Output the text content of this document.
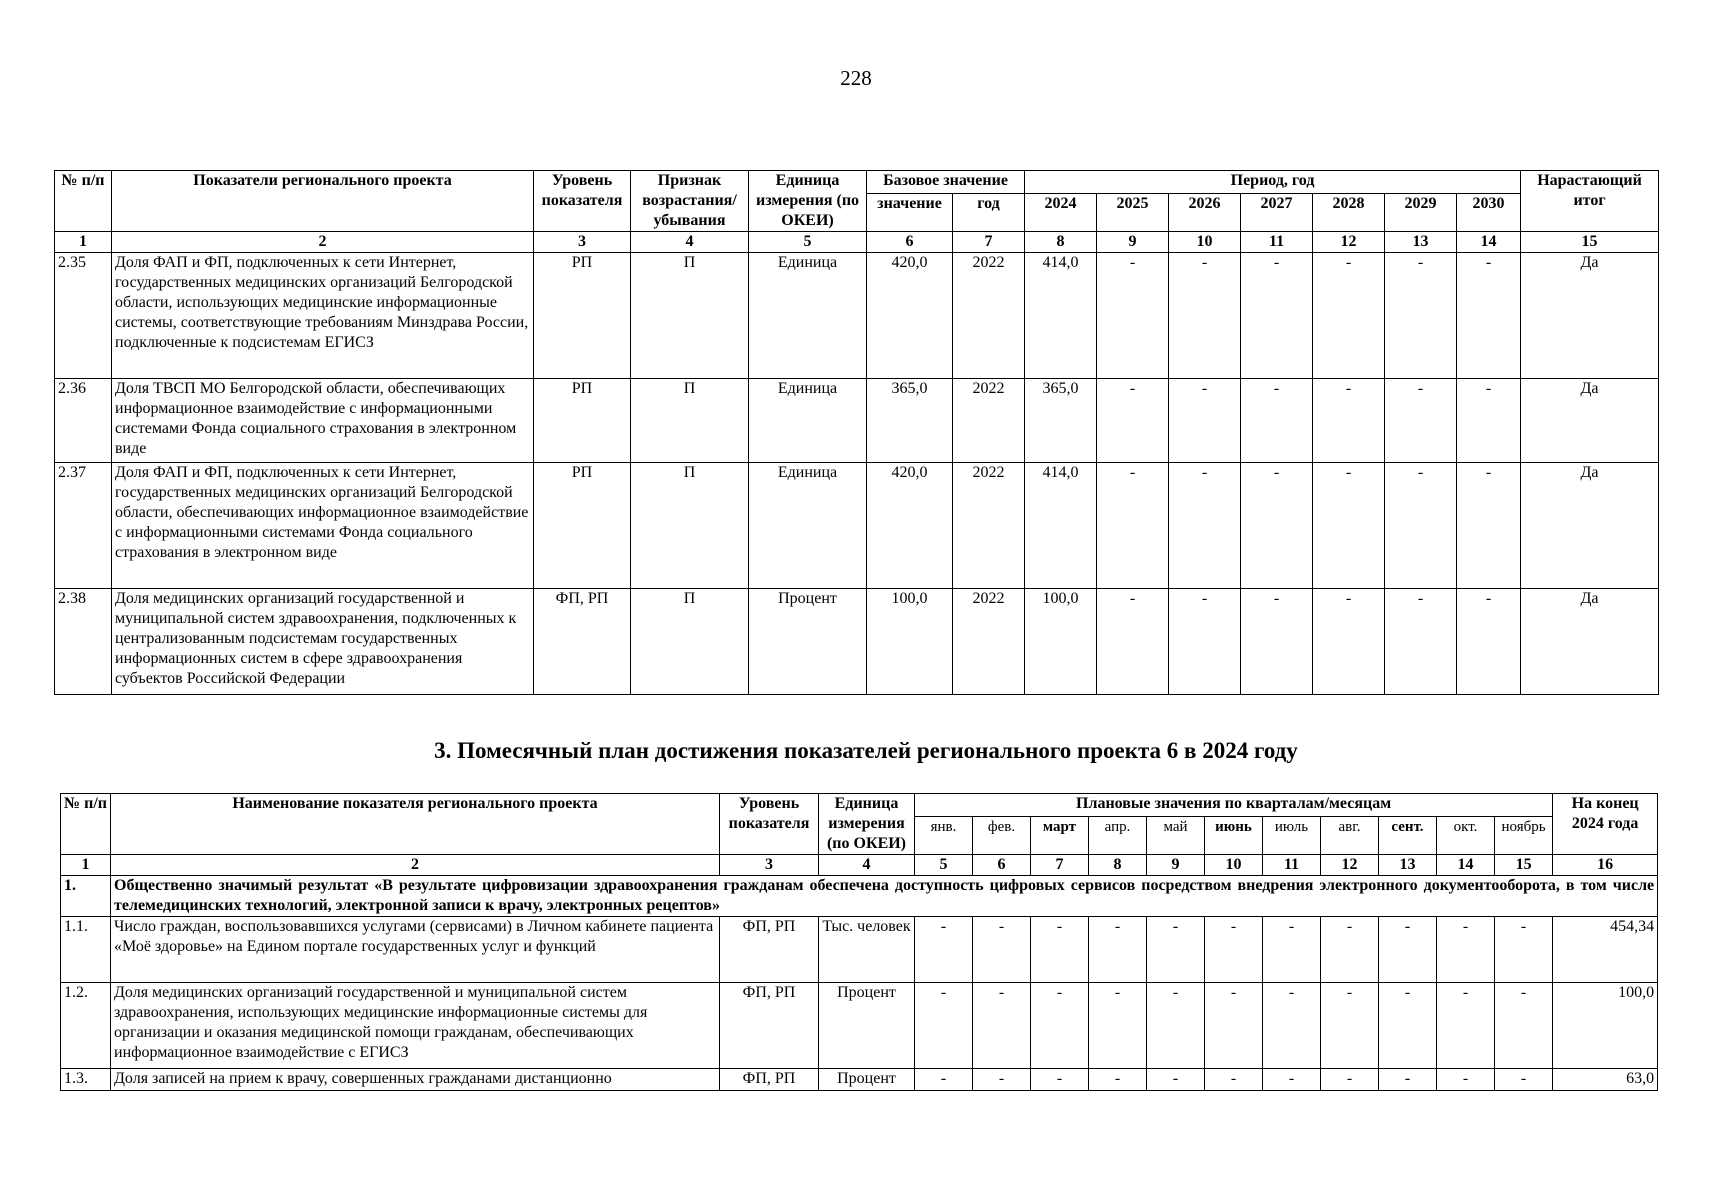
228
№ п/п	Показатели регионального проекта	Уровень показателя	Признак возрастания/ убывания	Единица измерения (по ОКЕИ)	Базовое значение		Период, год							Нарастающий итог
					значение	год	2024	2025	2026	2027	2028	2029	2030	
1	2	3	4	5	6	7	8	9	10	11	12	13	14	15
2.35	Доля ФАП и ФП, подключенных к сети Интернет, государственных медицинских организаций Белгородской области, использующих медицинские информационные системы, соответствующие требованиям Минздрава России, подключенные к подсистемам ЕГИСЗ	РП	П	Единица	420,0	2022	414,0	-	-	-	-	-	-	Да
2.36	Доля ТВСП МО Белгородской области, обеспечивающих информационное взаимодействие с информационными системами Фонда социального страхования в электронном виде	РП	П	Единица	365,0	2022	365,0	-	-	-	-	-	-	Да
2.37	Доля ФАП и ФП, подключенных к сети Интернет, государственных медицинских организаций Белгородской области, обеспечивающих информационное взаимодействие с информационными системами Фонда социального страхования в электронном виде	РП	П	Единица	420,0	2022	414,0	-	-	-	-	-	-	Да
2.38	Доля медицинских организаций государственной и муниципальной систем здравоохранения, подключенных к централизованным подсистемам государственных информационных систем в сфере здравоохранения субъектов Российской Федерации	ФП, РП	П	Процент	100,0	2022	100,0	-	-	-	-	-	-	Да
3. Помесячный план достижения показателей регионального проекта 6 в 2024 году
№ п/п	Наименование показателя регионального проекта	Уровень показателя	Единица измерения (по ОКЕИ)	Плановые значения по кварталам/месяцам											На конец 2024 года
				янв.	фев.	март	апр.	май	июнь	июль	авг.	сент.	окт.	ноябрь	
1	2	3	4	5	6	7	8	9	10	11	12	13	14	15	16
1.	Общественно значимый результат «В результате цифровизации здравоохранения гражданам обеспечена доступность цифровых сервисов посредством внедрения электронного документооборота, в том числе телемедицинских технологий, электронной записи к врачу, электронных рецептов»														
1.1.	Число граждан, воспользовавшихся услугами (сервисами) в Личном кабинете пациента «Моё здоровье» на Едином портале государственных услуг и функций	ФП, РП	Тыс. человек	-	-	-	-	-	-	-	-	-	-	-	454,34
1.2.	Доля медицинских организаций государственной и муниципальной систем здравоохранения, использующих медицинские информационные системы для организации и оказания медицинской помощи гражданам, обеспечивающих информационное взаимодействие с ЕГИСЗ	ФП, РП	Процент	-	-	-	-	-	-	-	-	-	-	-	100,0
1.3.	Доля записей на прием к врачу, совершенных гражданами дистанционно	ФП, РП	Процент	-	-	-	-	-	-	-	-	-	-	-	63,0
